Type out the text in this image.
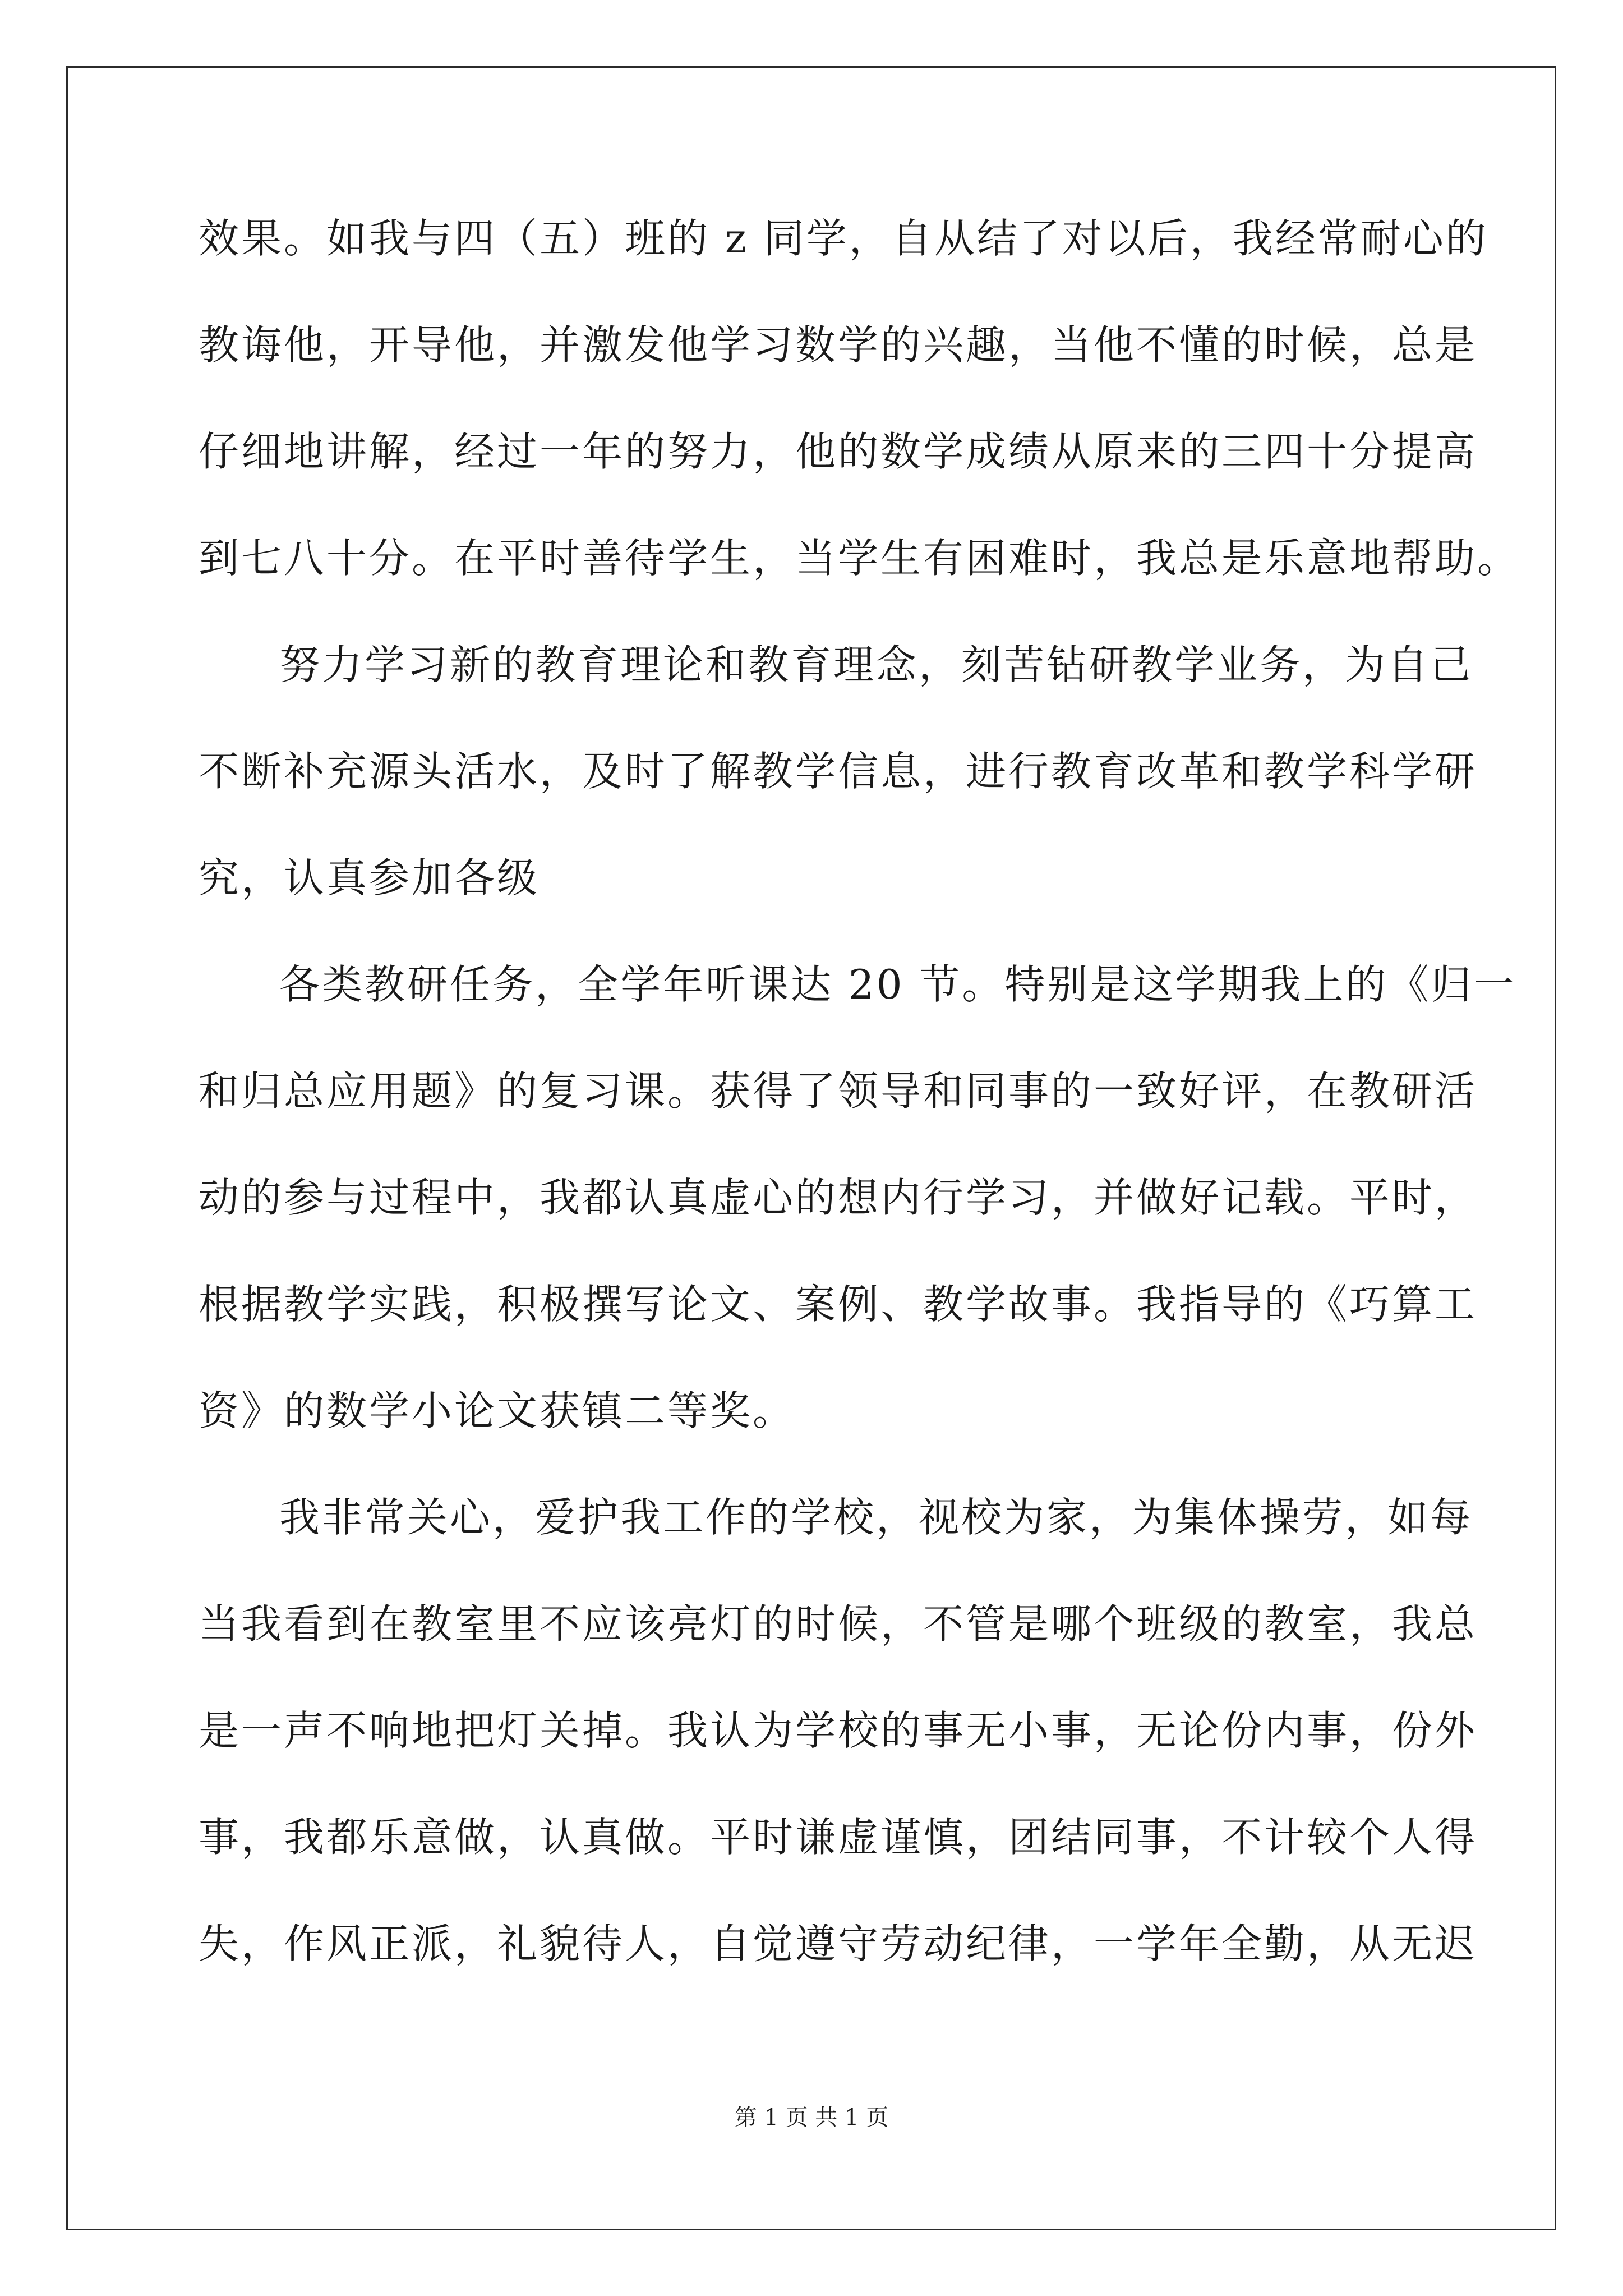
效果。如我与四（五）班的 z 同学，自从结了对以后，我经常耐心的
教诲他，开导他，并激发他学习数学的兴趣，当他不懂的时候，总是
仔细地讲解，经过一年的努力，他的数学成绩从原来的三四十分提高
到七八十分。在平时善待学生，当学生有困难时，我总是乐意地帮助。
努力学习新的教育理论和教育理念，刻苦钻研教学业务，为自己
不断补充源头活水，及时了解教学信息，进行教育改革和教学科学研
究，认真参加各级
各类教研任务，全学年听课达 20 节。特别是这学期我上的《归一
和归总应用题》的复习课。获得了领导和同事的一致好评，在教研活
动的参与过程中，我都认真虚心的想内行学习，并做好记载。平时，
根据教学实践，积极撰写论文、案例、教学故事。我指导的《巧算工
资》的数学小论文获镇二等奖。
我非常关心，爱护我工作的学校，视校为家，为集体操劳，如每
当我看到在教室里不应该亮灯的时候，不管是哪个班级的教室，我总
是一声不响地把灯关掉。我认为学校的事无小事，无论份内事，份外
事，我都乐意做，认真做。平时谦虚谨慎，团结同事，不计较个人得
失，作风正派，礼貌待人，自觉遵守劳动纪律，一学年全勤，从无迟
第 1 页 共 1 页
